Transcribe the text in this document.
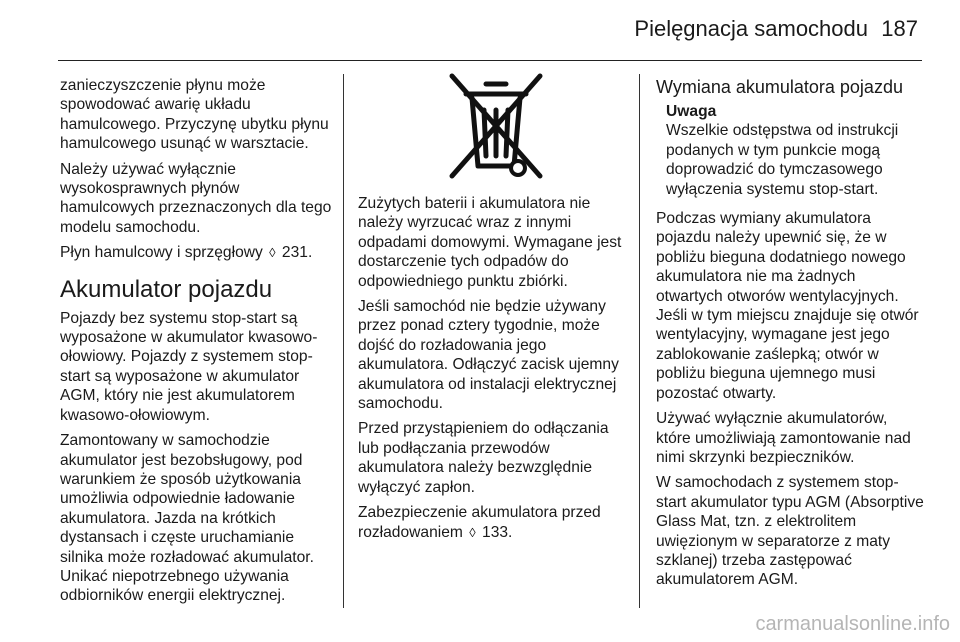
Pielęgnacja samochodu 187

zanieczyszczenie płynu może spowodować awarię układu hamulcowego. Przyczynę ubytku płynu hamulcowego usunąć w warsztacie.

Należy używać wyłącznie wysokosprawnych płynów hamulcowych przeznaczonych dla tego modelu samochodu.

Płyn hamulcowy i sprzęgłowy ◊ 231.

Akumulator pojazdu

Pojazdy bez systemu stop-start są wyposażone w akumulator kwasowo-ołowiowy. Pojazdy z systemem stop-start są wyposażone w akumulator AGM, który nie jest akumulatorem kwasowo-ołowiowym.

Zamontowany w samochodzie akumulator jest bezobsługowy, pod warunkiem że sposób użytkowania umożliwia odpowiednie ładowanie akumulatora. Jazda na krótkich dystansach i częste uruchamianie silnika może rozładować akumulator. Unikać niepotrzebnego używania odbiorników energii elektrycznej.

Zużytych baterii i akumulatora nie należy wyrzucać wraz z innymi odpadami domowymi. Wymagane jest dostarczenie tych odpadów do odpowiedniego punktu zbiórki.

Jeśli samochód nie będzie używany przez ponad cztery tygodnie, może dojść do rozładowania jego akumulatora. Odłączyć zacisk ujemny akumulatora od instalacji elektrycznej samochodu.

Przed przystąpieniem do odłączania lub podłączania przewodów akumulatora należy bezwzględnie wyłączyć zapłon.

Zabezpieczenie akumulatora przed rozładowaniem ◊ 133.

Wymiana akumulatora pojazdu
Uwaga
Wszelkie odstępstwa od instrukcji podanych w tym punkcie mogą doprowadzić do tymczasowego wyłączenia systemu stop-start.

Podczas wymiany akumulatora pojazdu należy upewnić się, że w pobliżu bieguna dodatniego nowego akumulatora nie ma żadnych otwartych otworów wentylacyjnych. Jeśli w tym miejscu znajduje się otwór wentylacyjny, wymagane jest jego zablokowanie zaślepką; otwór w pobliżu bieguna ujemnego musi pozostać otwarty.

Używać wyłącznie akumulatorów, które umożliwiają zamontowanie nad nimi skrzynki bezpieczników.

W samochodach z systemem stop-start akumulator typu AGM (Absorptive Glass Mat, tzn. z elektrolitem uwięzionym w separatorze z maty szklanej) trzeba zastępować akumulatorem AGM.

carmanualsonline.info
